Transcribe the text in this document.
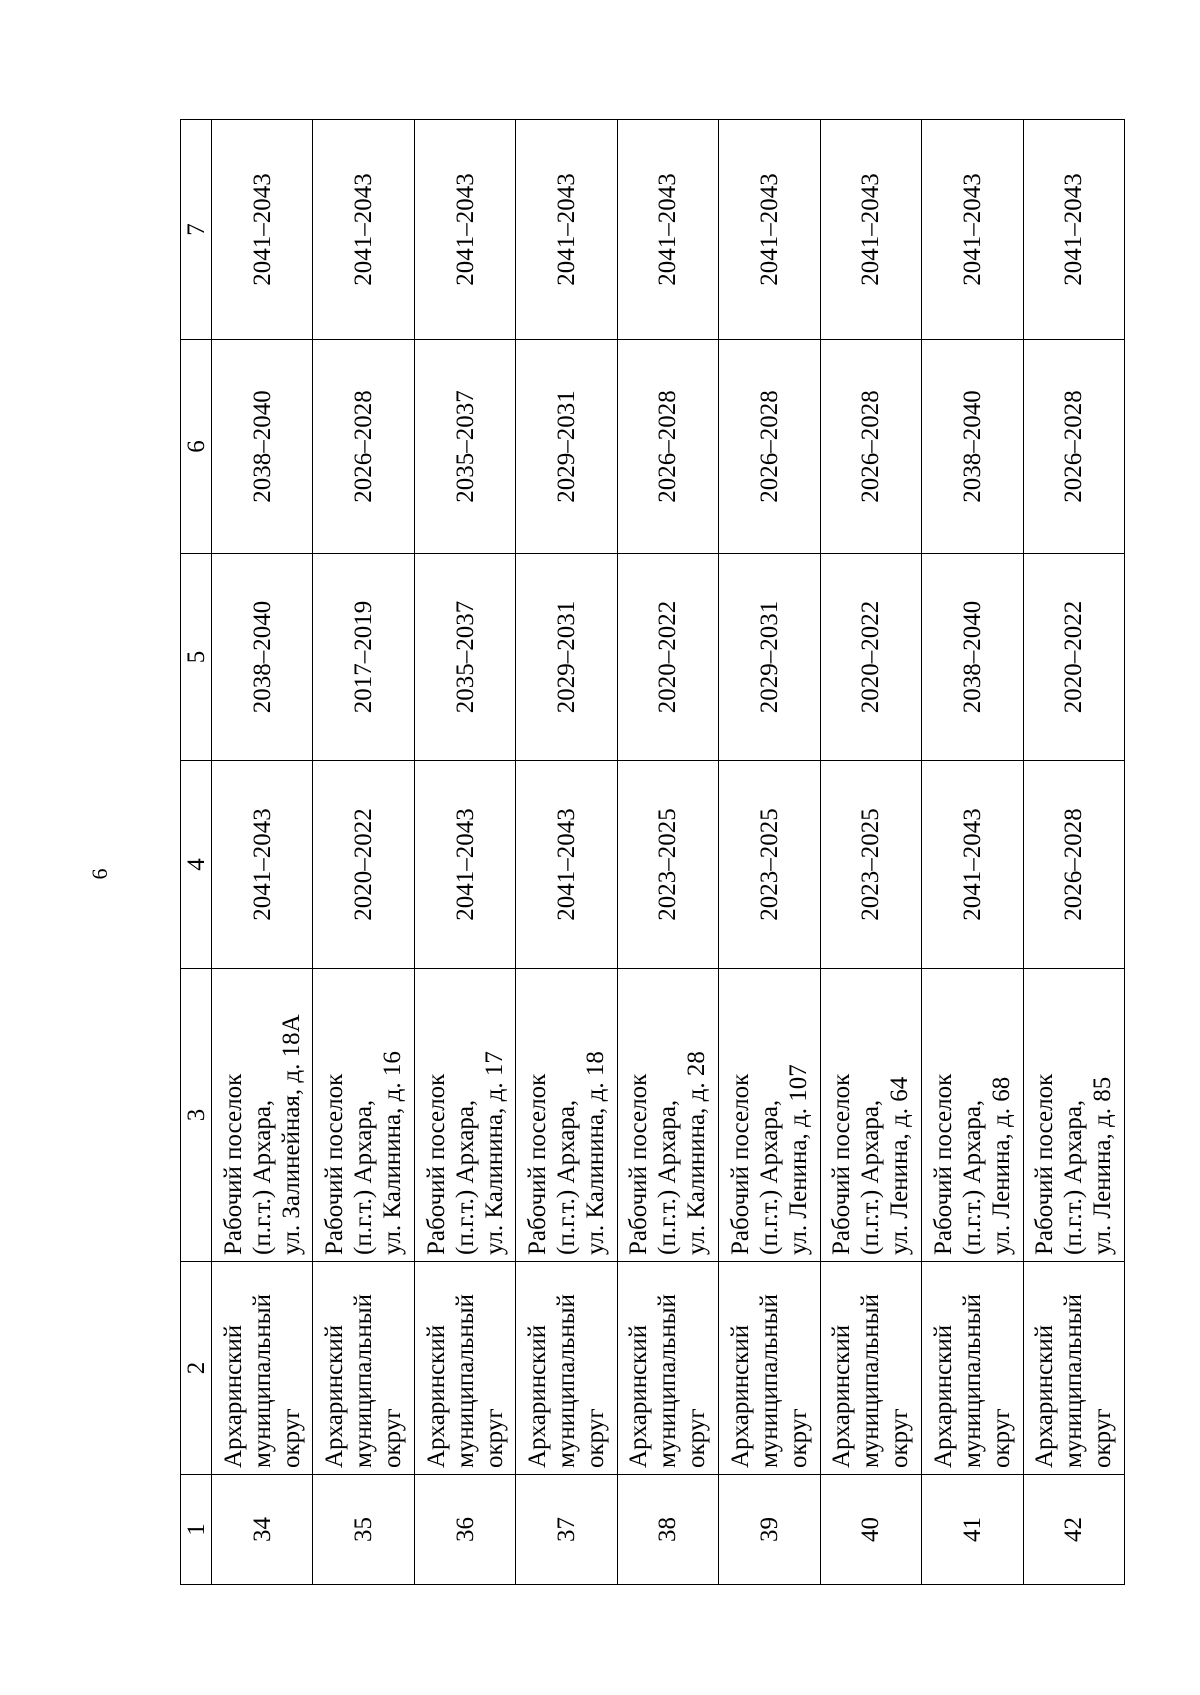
6
1	2	3	4	5	6	7
34	Архаринский муниципальный округ	Рабочий поселок (п.г.т.) Архара, ул. Залинейная, д. 18А	2041–2043	2038–2040	2038–2040	2041–2043
35	Архаринский муниципальный округ	Рабочий поселок (п.г.т.) Архара, ул. Калинина, д. 16	2020–2022	2017–2019	2026–2028	2041–2043
36	Архаринский муниципальный округ	Рабочий поселок (п.г.т.) Архара, ул. Калинина, д. 17	2041–2043	2035–2037	2035–2037	2041–2043
37	Архаринский муниципальный округ	Рабочий поселок (п.г.т.) Архара, ул. Калинина, д. 18	2041–2043	2029–2031	2029–2031	2041–2043
38	Архаринский муниципальный округ	Рабочий поселок (п.г.т.) Архара, ул. Калинина, д. 28	2023–2025	2020–2022	2026–2028	2041–2043
39	Архаринский муниципальный округ	Рабочий поселок (п.г.т.) Архара, ул. Ленина, д. 107	2023–2025	2029–2031	2026–2028	2041–2043
40	Архаринский муниципальный округ	Рабочий поселок (п.г.т.) Архара, ул. Ленина, д. 64	2023–2025	2020–2022	2026–2028	2041–2043
41	Архаринский муниципальный округ	Рабочий поселок (п.г.т.) Архара, ул. Ленина, д. 68	2041–2043	2038–2040	2038–2040	2041–2043
42	Архаринский муниципальный округ	Рабочий поселок (п.г.т.) Архара, ул. Ленина, д. 85	2026–2028	2020–2022	2026–2028	2041–2043
